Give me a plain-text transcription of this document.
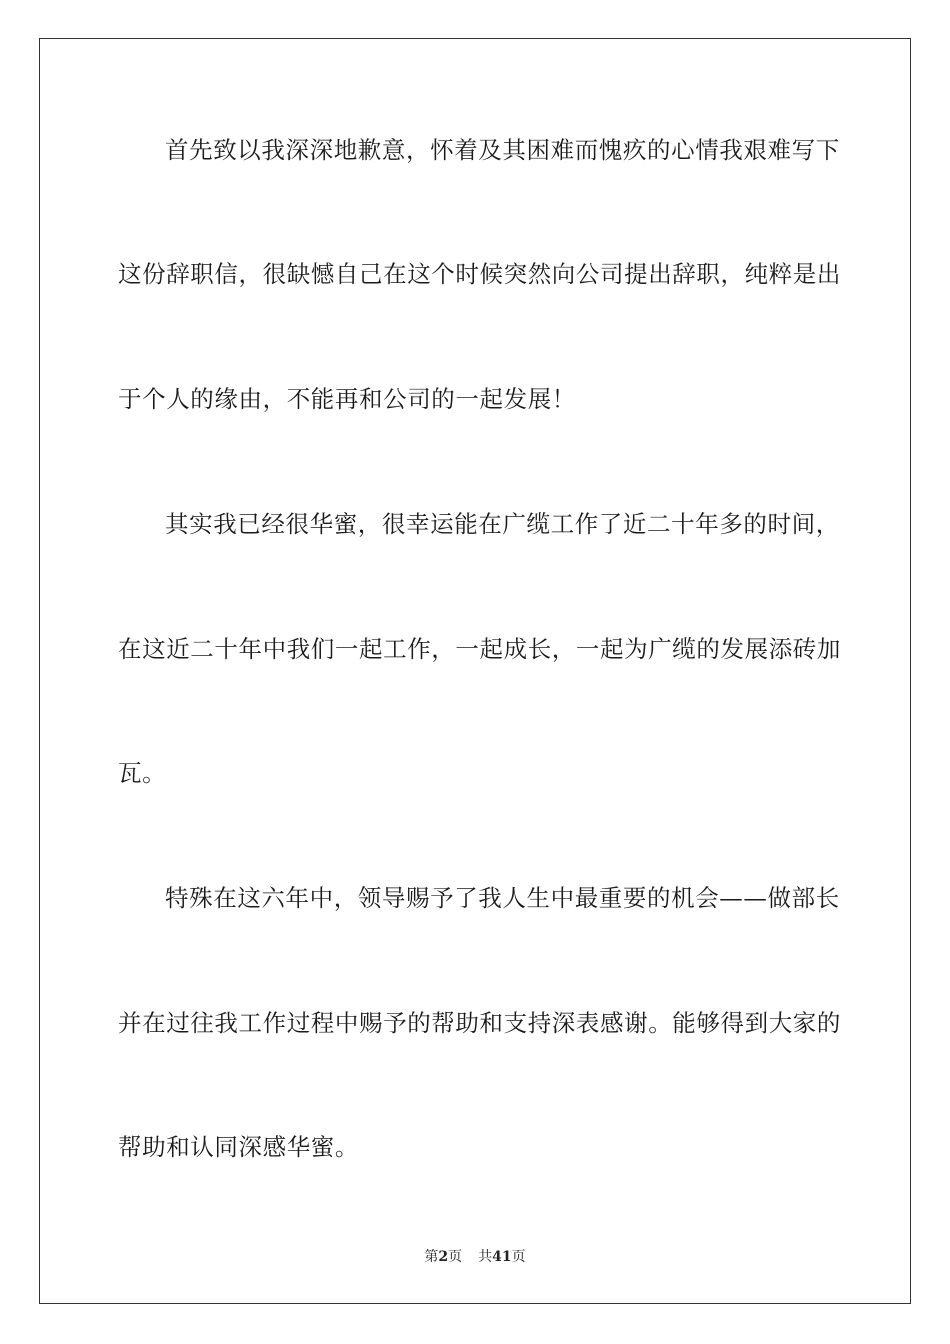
首先致以我深深地歉意，怀着及其困难而愧疚的心情我艰难写下
这份辞职信，很缺憾自己在这个时候突然向公司提出辞职，纯粹是出
于个人的缘由，不能再和公司的一起发展！
其实我已经很华蜜，很幸运能在广缆工作了近二十年多的时间，
在这近二十年中我们一起工作，一起成长，一起为广缆的发展添砖加
瓦。
特殊在这六年中，领导赐予了我人生中最重要的机会——做部长
并在过往我工作过程中赐予的帮助和支持深表感谢。能够得到大家的
帮助和认同深感华蜜。
第2页 共41页
